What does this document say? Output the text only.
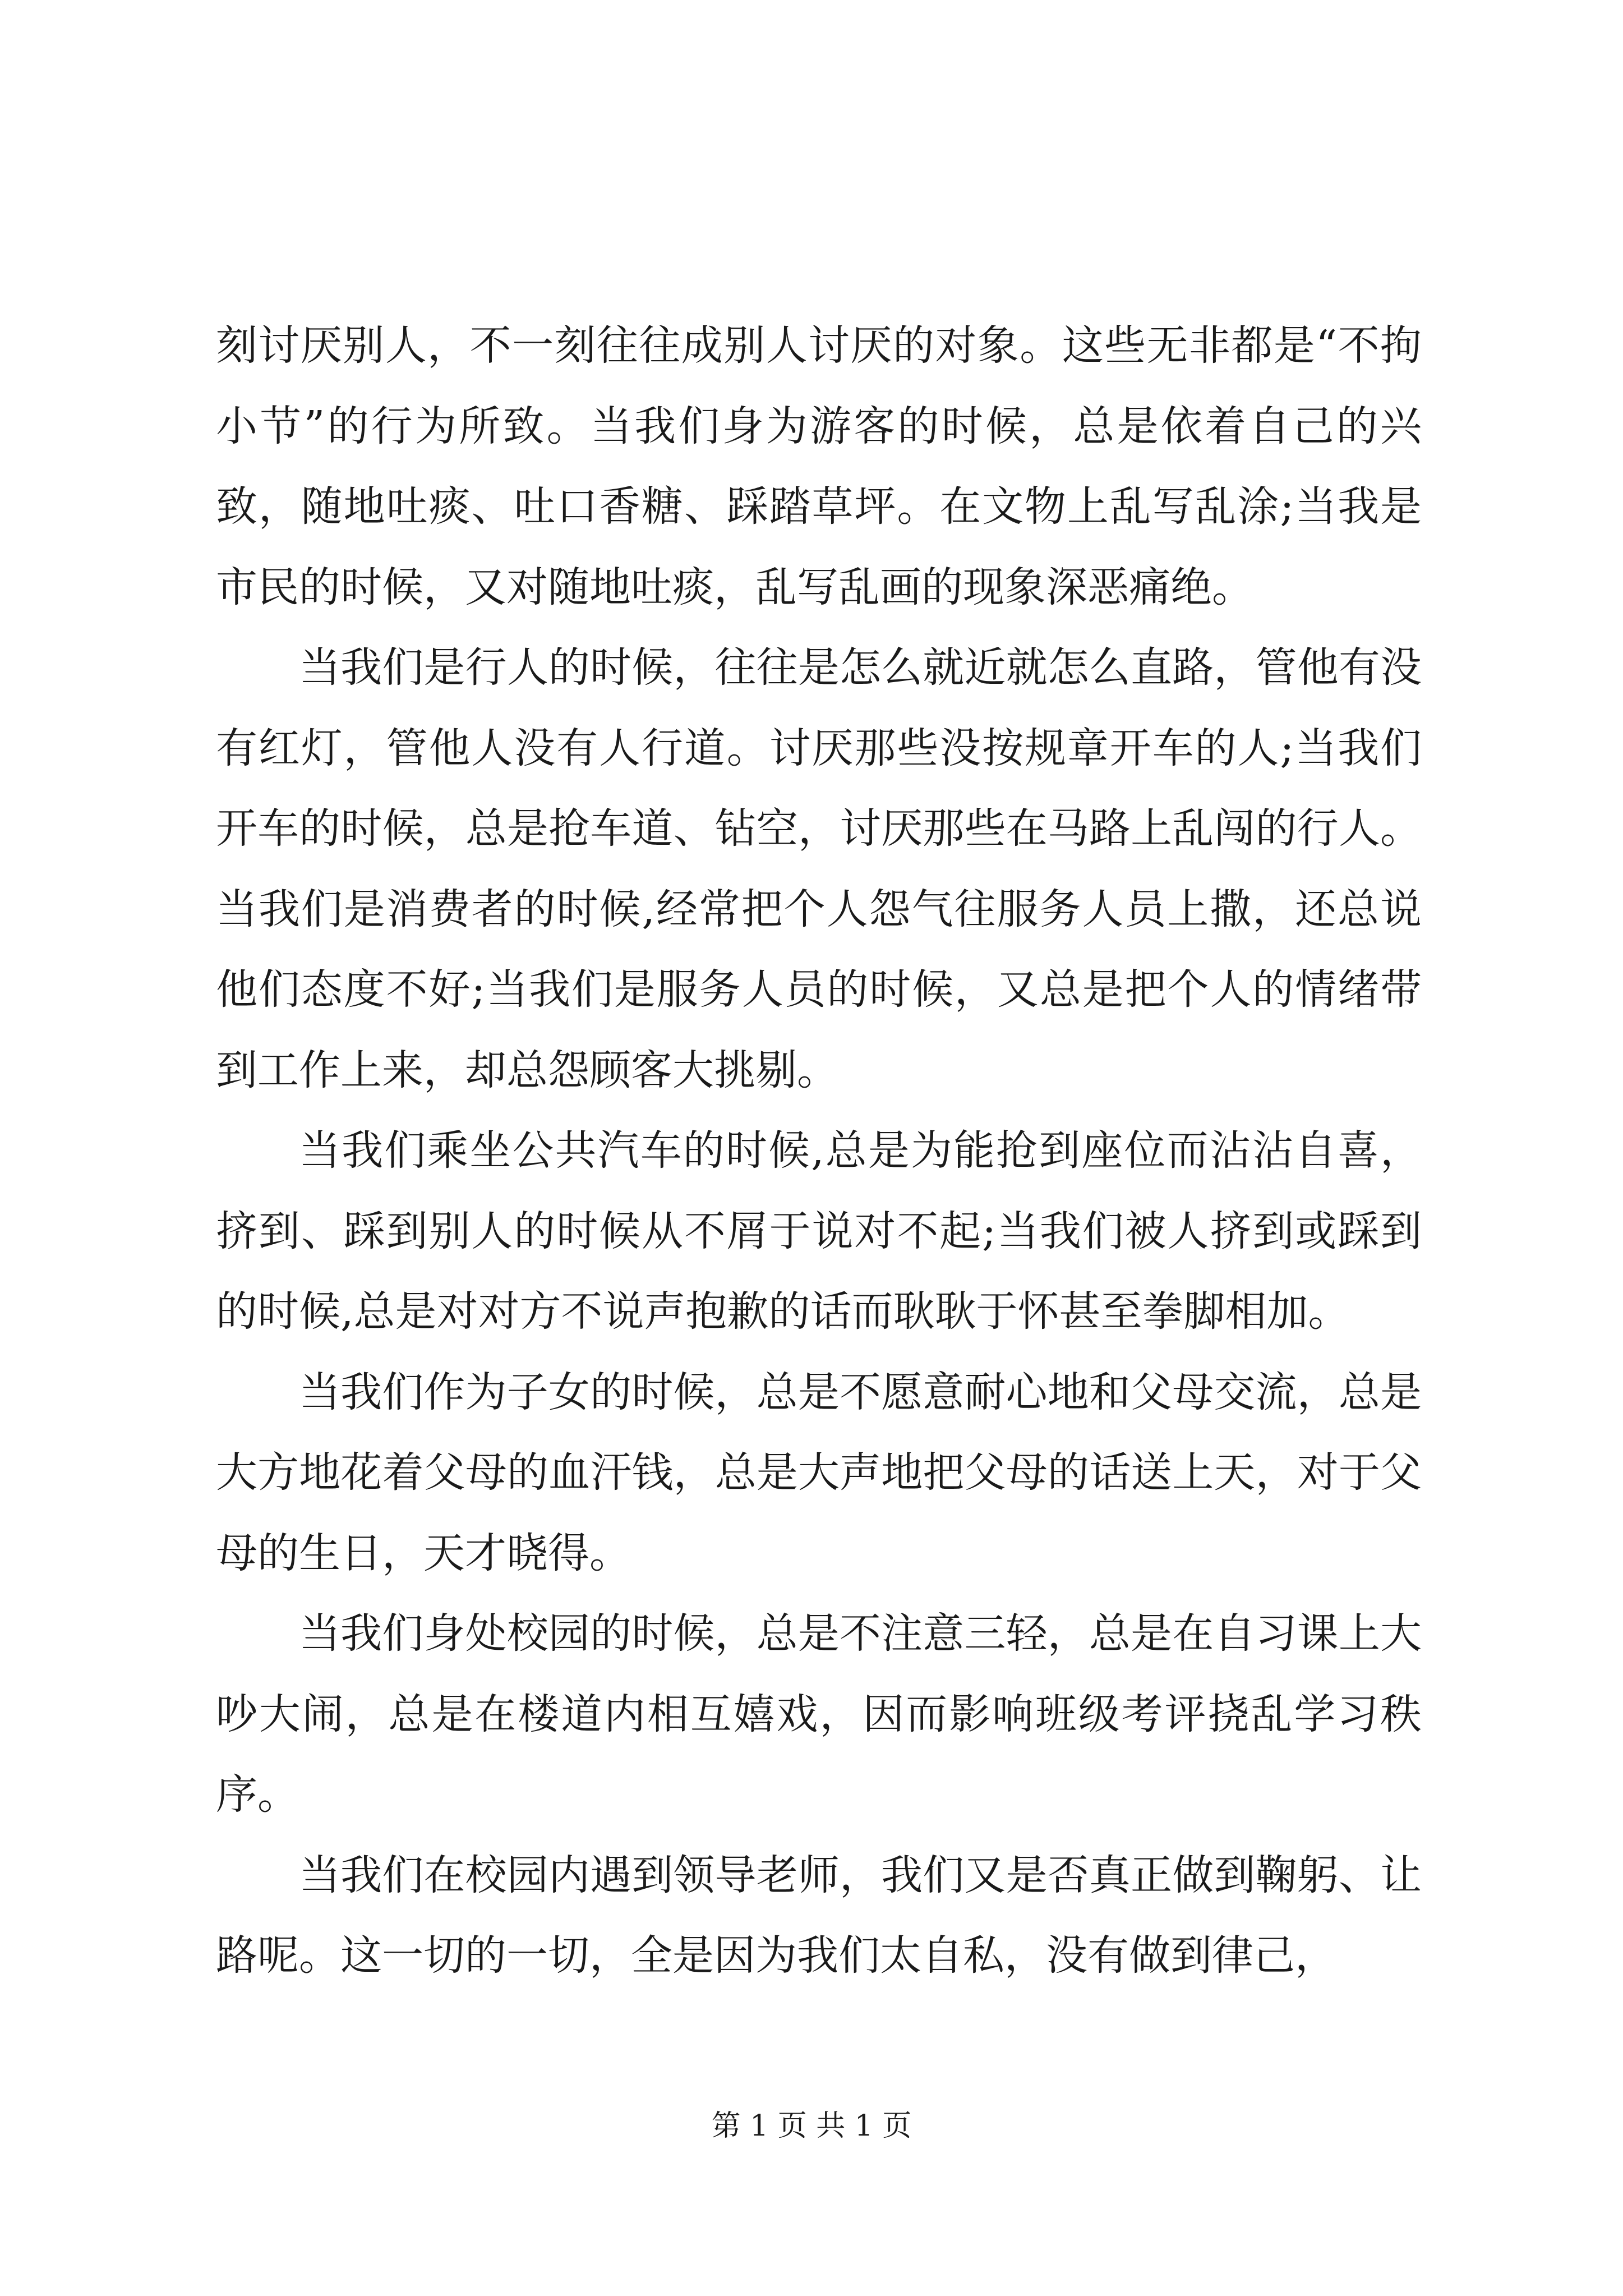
刻讨厌别人，不一刻往往成别人讨厌的对象。这些无非都是“不拘小节”的行为所致。当我们身为游客的时候，总是依着自己的兴致，随地吐痰、吐口香糖、踩踏草坪。在文物上乱写乱涂;当我是市民的时候，又对随地吐痰，乱写乱画的现象深恶痛绝。

当我们是行人的时候，往往是怎么就近就怎么直路，管他有没有红灯，管他人没有人行道。讨厌那些没按规章开车的人;当我们开车的时候，总是抢车道、钻空，讨厌那些在马路上乱闯的行人。当我们是消费者的时候,经常把个人怨气往服务人员上撒，还总说他们态度不好;当我们是服务人员的时候，又总是把个人的情绪带到工作上来，却总怨顾客大挑剔。

当我们乘坐公共汽车的时候,总是为能抢到座位而沾沾自喜，挤到、踩到别人的时候从不屑于说对不起;当我们被人挤到或踩到的时候,总是对对方不说声抱歉的话而耿耿于怀甚至拳脚相加。

当我们作为子女的时候，总是不愿意耐心地和父母交流，总是大方地花着父母的血汗钱，总是大声地把父母的话送上天，对于父母的生日，天才晓得。

当我们身处校园的时候，总是不注意三轻，总是在自习课上大吵大闹，总是在楼道内相互嬉戏，因而影响班级考评挠乱学习秩序。

当我们在校园内遇到领导老师，我们又是否真正做到鞠躬、让路呢。这一切的一切，全是因为我们太自私，没有做到律己，

第 1 页 共 1 页
